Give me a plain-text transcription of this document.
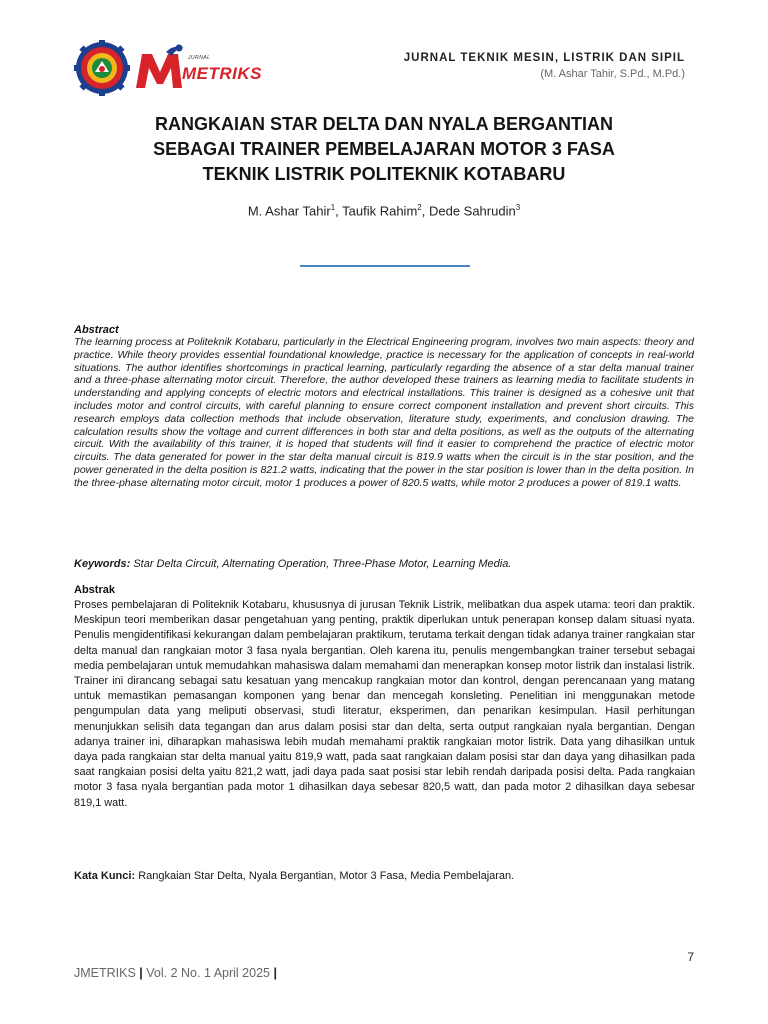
JURNAL
METRIKS
JURNAL TEKNIK MESIN, LISTRIK DAN SIPIL
(M. Ashar Tahir, S.Pd., M.Pd.)
RANGKAIAN STAR DELTA DAN NYALA BERGANTIAN
SEBAGAI TRAINER PEMBELAJARAN MOTOR 3 FASA
TEKNIK LISTRIK POLITEKNIK KOTABARU
M. Ashar Tahir$^1$, Taufik Rahim$^2$, Dede Sahrudin$^3$
Abstract
The learning process at Politeknik Kotabaru, particularly in the Electrical Engineering program, involves two main aspects: theory and practice. While theory provides essential foundational knowledge, practice is necessary for the application of concepts in real-world situations. The author identifies shortcomings in practical learning, particularly regarding the absence of a star delta manual trainer and a three-phase alternating motor circuit. Therefore, the author developed these trainers as learning media to facilitate students in understanding and applying concepts of electric motors and electrical installations. This trainer is designed as a cohesive unit that includes motor and control circuits, with careful planning to ensure correct component installation and prevent short circuits. This research employs data collection methods that include observation, literature study, experiments, and conclusion drawing. The calculation results show the voltage and current differences in both star and delta positions, as well as the outputs of the alternating circuit. With the availability of this trainer, it is hoped that students will find it easier to comprehend the practice of electric motor circuits. The data generated for power in the star delta manual circuit is 819.9 watts when the circuit is in the star position, and the power generated in the delta position is 821.2 watts, indicating that the power in the star position is lower than in the delta position. In the three-phase alternating motor circuit, motor 1 produces a power of 820.5 watts, while motor 2 produces a power of 819.1 watts.
Keywords: Star Delta Circuit, Alternating Operation, Three-Phase Motor, Learning Media.
Abstrak
Proses pembelajaran di Politeknik Kotabaru, khususnya di jurusan Teknik Listrik, melibatkan dua aspek utama: teori dan praktik. Meskipun teori memberikan dasar pengetahuan yang penting, praktik diperlukan untuk penerapan konsep dalam situasi nyata. Penulis mengidentifikasi kekurangan dalam pembelajaran praktikum, terutama terkait dengan tidak adanya trainer rangkaian star delta manual dan rangkaian motor 3 fasa nyala bergantian. Oleh karena itu, penulis mengembangkan trainer tersebut sebagai media pembelajaran untuk memudahkan mahasiswa dalam memahami dan menerapkan konsep motor listrik dan instalasi listrik. Trainer ini dirancang sebagai satu kesatuan yang mencakup rangkaian motor dan kontrol, dengan perencanaan yang matang untuk memastikan pemasangan komponen yang benar dan mencegah konsleting. Penelitian ini menggunakan metode pengumpulan data yang meliputi observasi, studi literatur, eksperimen, dan penarikan kesimpulan. Hasil perhitungan menunjukkan selisih data tegangan dan arus dalam posisi star dan delta, serta output rangkaian nyala bergantian. Dengan adanya trainer ini, diharapkan mahasiswa lebih mudah memahami praktik rangkaian motor listrik. Data yang dihasilkan untuk daya pada rangkaian star delta manual yaitu 819,9 watt, pada saat rangkaian dalam posisi star dan daya yang dihasilkan pada saat rangkaian posisi delta yaitu 821,2 watt, jadi daya pada saat posisi star lebih rendah daripada posisi delta. Pada rangkaian motor 3 fasa nyala bergantian pada motor 1 dihasilkan daya sebesar 820,5 watt, dan pada motor 2 dihasilkan daya sebesar 819,1 watt.
Kata Kunci: Rangkaian Star Delta, Nyala Bergantian, Motor 3 Fasa, Media Pembelajaran.
7
JMETRIKS | Vol. 2 No. 1 April 2025 |
